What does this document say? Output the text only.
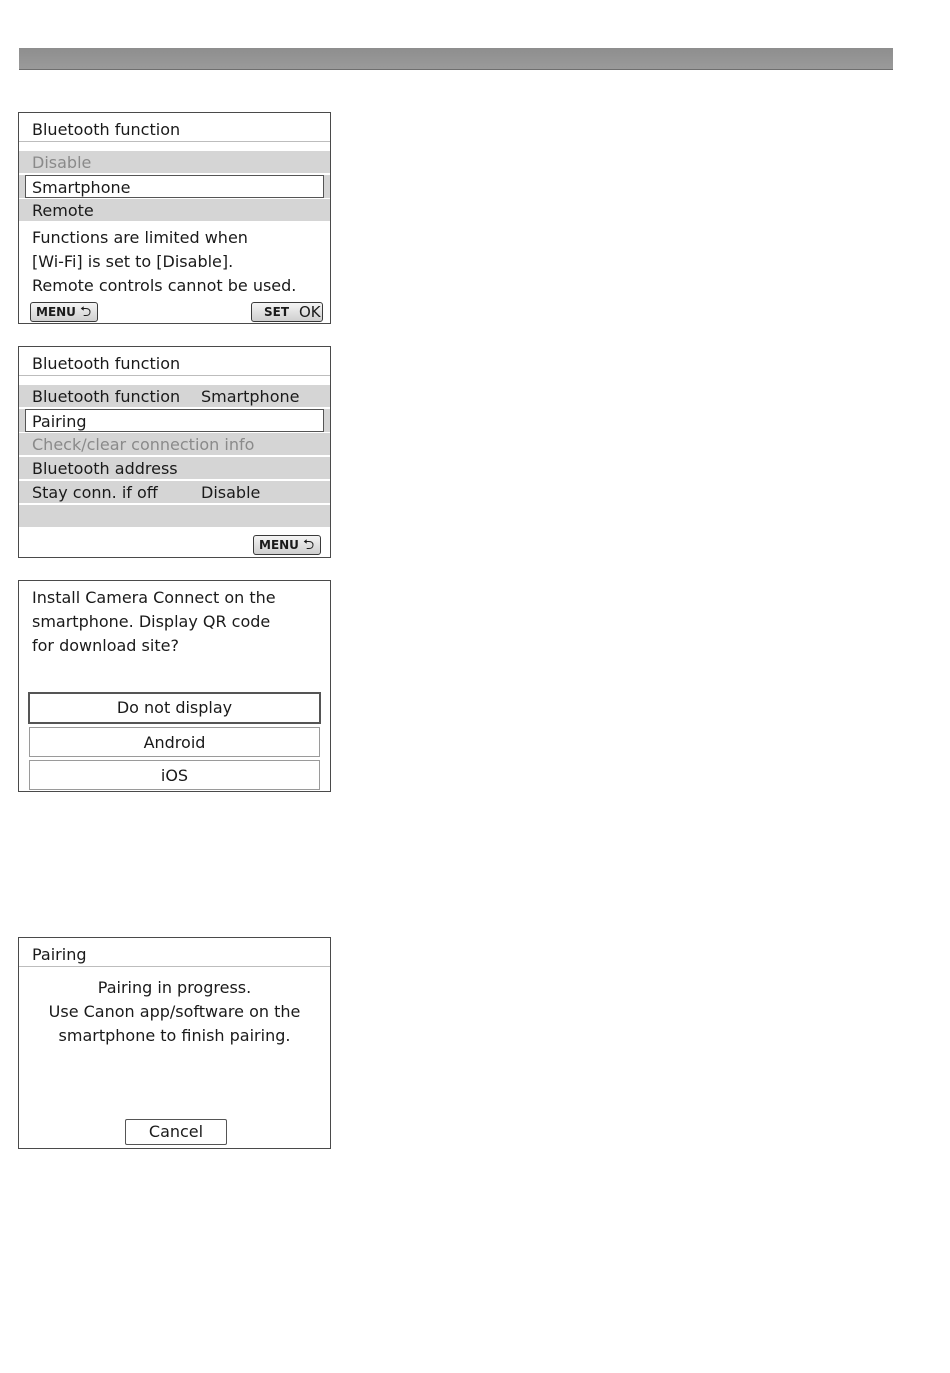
Bluetooth function
Disable
Smartphone
Remote
Functions are limited when
[Wi-Fi] is set to [Disable].
Remote controls cannot be used.
MENU ⮌	SET OK
Bluetooth function
Bluetooth function Smartphone
Pairing
Check/clear connection info
Bluetooth address
Stay conn. if off	Disable
MENU ⮌
Install Camera Connect on the
smartphone. Display QR code
for download site?
Do not display
Android
iOS
Pairing
Pairing in progress.
Use Canon app/software on the
smartphone to finish pairing.
Cancel
